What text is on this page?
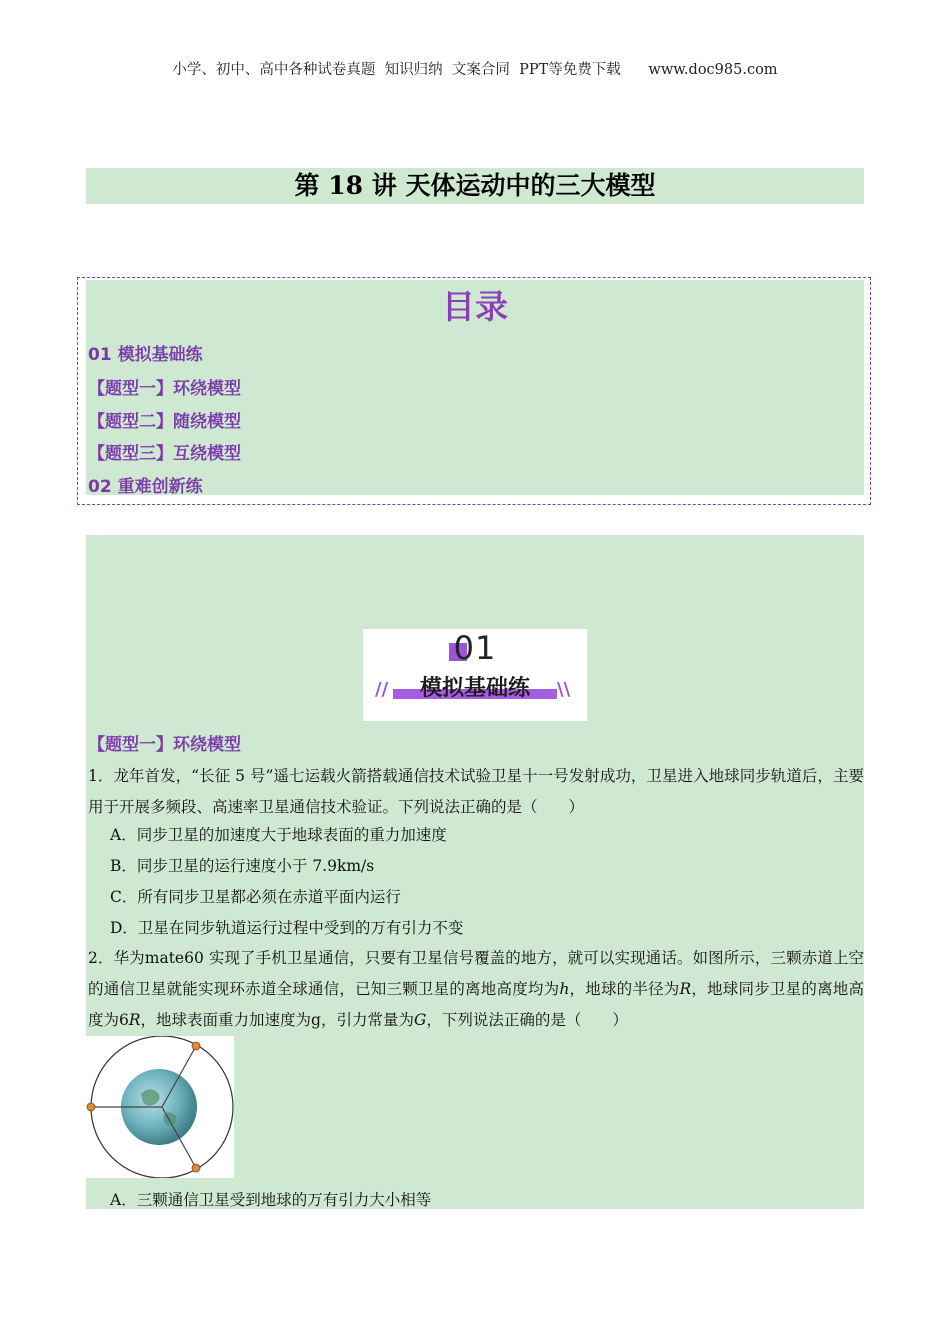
小学、初中、高中各种试卷真题  知识归纳  文案合同  PPT等免费下载      www.doc985.com
第 18 讲 天体运动中的三大模型
目录
01 模拟基础练
【题型一】环绕模型
【题型二】随绕模型
【题型三】互绕模型
02 重难创新练
01
模拟基础练
//	\\
【题型一】环绕模型
1．龙年首发，“长征 5 号”遥七运载火箭搭载通信技术试验卫星十一号发射成功，卫星进入地球同步轨道后，主要用于开展多频段、高速率卫星通信技术验证。下列说法正确的是（　　）
A．同步卫星的加速度大于地球表面的重力加速度
B．同步卫星的运行速度小于 7.9km/s
C．所有同步卫星都必须在赤道平面内运行
D．卫星在同步轨道运行过程中受到的万有引力不变
2．华为mate60 实现了手机卫星通信，只要有卫星信号覆盖的地方，就可以实现通话。如图所示，三颗赤道上空的通信卫星就能实现环赤道全球通信，已知三颗卫星的离地高度均为ℎ，地球的半径为𝑅，地球同步卫星的离地高度为6𝑅，地球表面重力加速度为g，引力常量为𝐺，下列说法正确的是（　　）
A．三颗通信卫星受到地球的万有引力大小相等
